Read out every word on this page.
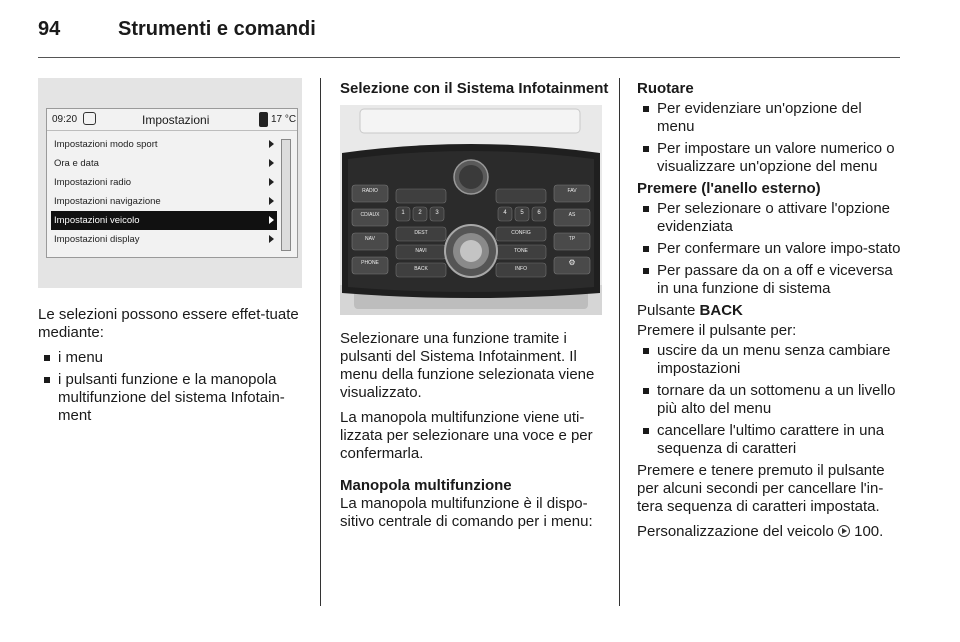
94	Strumenti e comandi
09:20	Impostazioni	17 °C
Impostazioni modo sport
Ora e data
Impostazioni radio
Impostazioni navigazione
Impostazioni veicolo
Impostazioni display

Le selezioni possono essere effet-tuate mediante:

i menu
i pulsanti funzione e la manopola multifunzione del sistema Infotain-ment
Selezione con il Sistema Infotainment
RADIO
CD/AUX
NAV
PHONE
FAV
AS
TP
⚙
DEST	CONFIG
NAVI	TONE
BACK	INFO
1	2	3	4	5	6

Selezionare una funzione tramite i pulsanti del Sistema Infotainment. Il menu della funzione selezionata viene visualizzato.

La manopola multifunzione viene uti-lizzata per selezionare una voce e per confermarla.

Manopola multifunzione

La manopola multifunzione è il dispo-sitivo centrale di comando per i menu:

Ruotare
Per evidenziare un'opzione del menu
Per impostare un valore numerico o visualizzare un'opzione del menu
Premere (l'anello esterno)
Per selezionare o attivare l'opzione evidenziata
Per confermare un valore impo-stato
Per passare da on a off e viceversa in una funzione di sistema

Pulsante BACK

Premere il pulsante per:

uscire da un menu senza cambiare impostazioni
tornare da un sottomenu a un livello più alto del menu
cancellare l'ultimo carattere in una sequenza di caratteri

Premere e tenere premuto il pulsante per alcuni secondi per cancellare l'in-tera sequenza di caratteri impostata.

Personalizzazione del veicolo 100.
